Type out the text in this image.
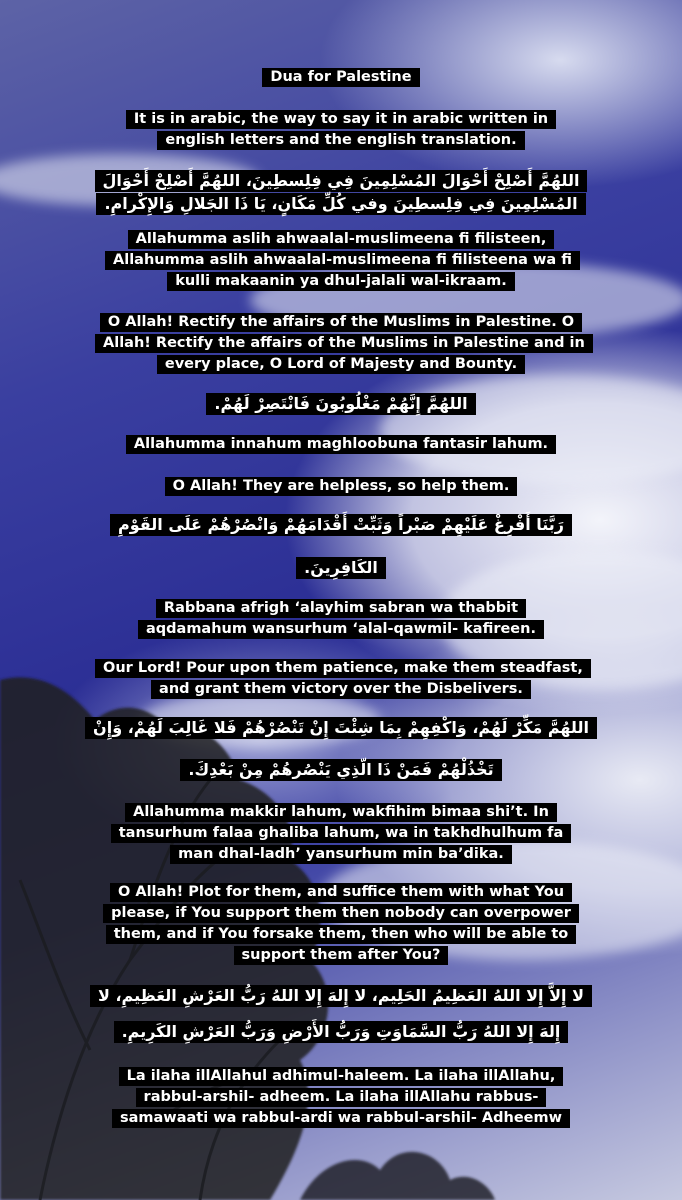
Dua for Palestine

It is in arabic, the way to say it in arabic written in english letters and the english translation.

اللهُمَّ أَصْلِحْ أَحْوَالَ المُسْلِمِينَ فِي فِلِسطِينَ، اللهُمَّ أَصْلِحْ أَحْوَالَ

المُسْلِمِينَ فِي فِلِسطِينَ وفي كُلِّ مَكَانٍ، يَا ذَا الجَلالِ وَالإِكْرامِ.

Allahumma aslih ahwaalal-muslimeena fi filisteen, Allahumma aslih ahwaalal-muslimeena fi filisteena wa fi kulli makaanin ya dhul-jalali wal-ikraam.

O Allah! Rectify the affairs of the Muslims in Palestine. O Allah! Rectify the affairs of the Muslims in Palestine and in every place, O Lord of Majesty and Bounty.

اللهُمَّ إِنَّهُمْ مَغْلُوبُونَ فَانْتَصِرْ لَهُمْ.

Allahumma innahum maghloobuna fantasir lahum.

O Allah! They are helpless, so help them.

رَبَّنَا أَفْرِغْ عَلَيْهِمْ صَبْراً وَثَبِّتْ أَقْدَامَهُمْ وَانْصُرْهُمْ عَلَى القَوْمِ

الكَافِرِينَ.

Rabbana afrigh ‘alayhim sabran wa thabbit aqdamahum wansurhum ‘alal-qawmil- kafireen.

Our Lord! Pour upon them patience, make them steadfast, and grant them victory over the Disbelivers.

اللهُمَّ مَكِّرْ لَهُمْ، وَاكْفِهِمْ بِمَا شِئْتَ إِنْ تَنْصُرْهُمْ فَلا غَالِبَ لَهُمْ، وَإِنْ

تَخْذُلْهُمْ فَمَنْ ذَا الّذِي يَنْصُرهُمْ مِنْ بَعْدِكَ.

Allahumma makkir lahum, wakfihim bimaa shi’t. In tansurhum falaa ghaliba lahum, wa in takhdhulhum fa man dhal-ladh’ yansurhum min ba’dika.

O Allah! Plot for them, and suffice them with what You please, if You support them then nobody can overpower them, and if You forsake them, then who will be able to support them after You?

لا إِلاَّ إِلا اللهُ العَظِيمُ الحَلِيم، لا إِلهَ إِلا اللهُ رَبُّ العَرْشِ العَظِيمِ، لا

إِلهَ إِلا اللهُ رَبُّ السَّمَاوَتِ وَرَبُّ الأَرْضِ وَرَبُّ العَرْشِ الكَرِيمِ.

La ilaha illAllahul adhimul-haleem. La ilaha illAllahu, rabbul-arshil- adheem. La ilaha illAllahu rabbus-samawaati wa rabbul-ardi wa rabbul-arshil- Adheemw
